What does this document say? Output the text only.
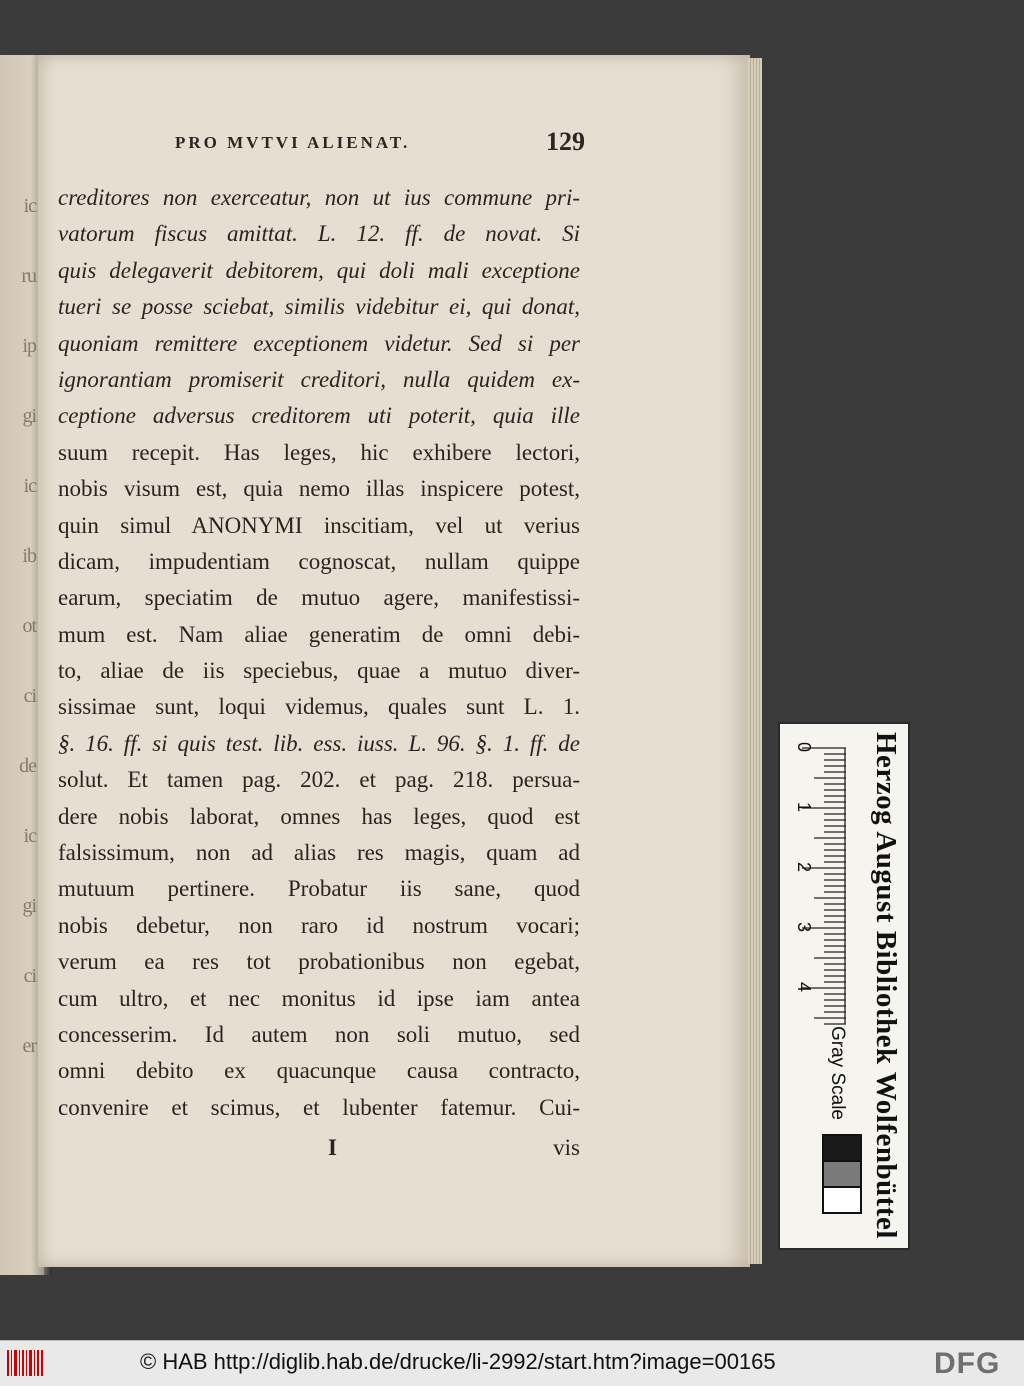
ic
ru
ip
gi
ic
ib
ot
ci
de
ic
gi
ci
er
PRO MVTVI ALIENAT.	129
creditores non exerceatur, non ut ius commune pri-
vatorum fiscus amittat. L. 12. ff. de novat. Si
quis delegaverit debitorem, qui doli mali exceptione
tueri se posse sciebat, similis videbitur ei, qui donat,
quoniam remittere exceptionem videtur. Sed si per
ignorantiam promiserit creditori, nulla quidem ex-
ceptione adversus creditorem uti poterit, quia ille
suum recepit. Has leges, hic exhibere lectori,
nobis visum est, quia nemo illas inspicere potest,
quin simul ANONYMI inscitiam, vel ut verius
dicam, impudentiam cognoscat, nullam quippe
earum, speciatim de mutuo agere, manifestissi-
mum est. Nam aliae generatim de omni debi-
to, aliae de iis speciebus, quae a mutuo diver-
sissimae sunt, loqui videmus, quales sunt L. 1.
§. 16. ff. si quis test. lib. ess. iuss. L. 96. §. 1. ff. de
solut. Et tamen pag. 202. et pag. 218. persua-
dere nobis laborat, omnes has leges, quod est
falsissimum, non ad alias res magis, quam ad
mutuum pertinere. Probatur iis sane, quod
nobis debetur, non raro id nostrum vocari;
verum ea res tot probationibus non egebat,
cum ultro, et nec monitus id ipse iam antea
concesserim. Id autem non soli mutuo, sed
omni debito ex quacunque causa contracto,
convenire et scimus, et lubenter fatemur. Cui-
I	vis
0
1
2
3
4 Herzog August Bibliothek Wolfenbüttel
Gray Scale
© HAB http://diglib.hab.de/drucke/li-2992/start.htm?image=00165	DFG
